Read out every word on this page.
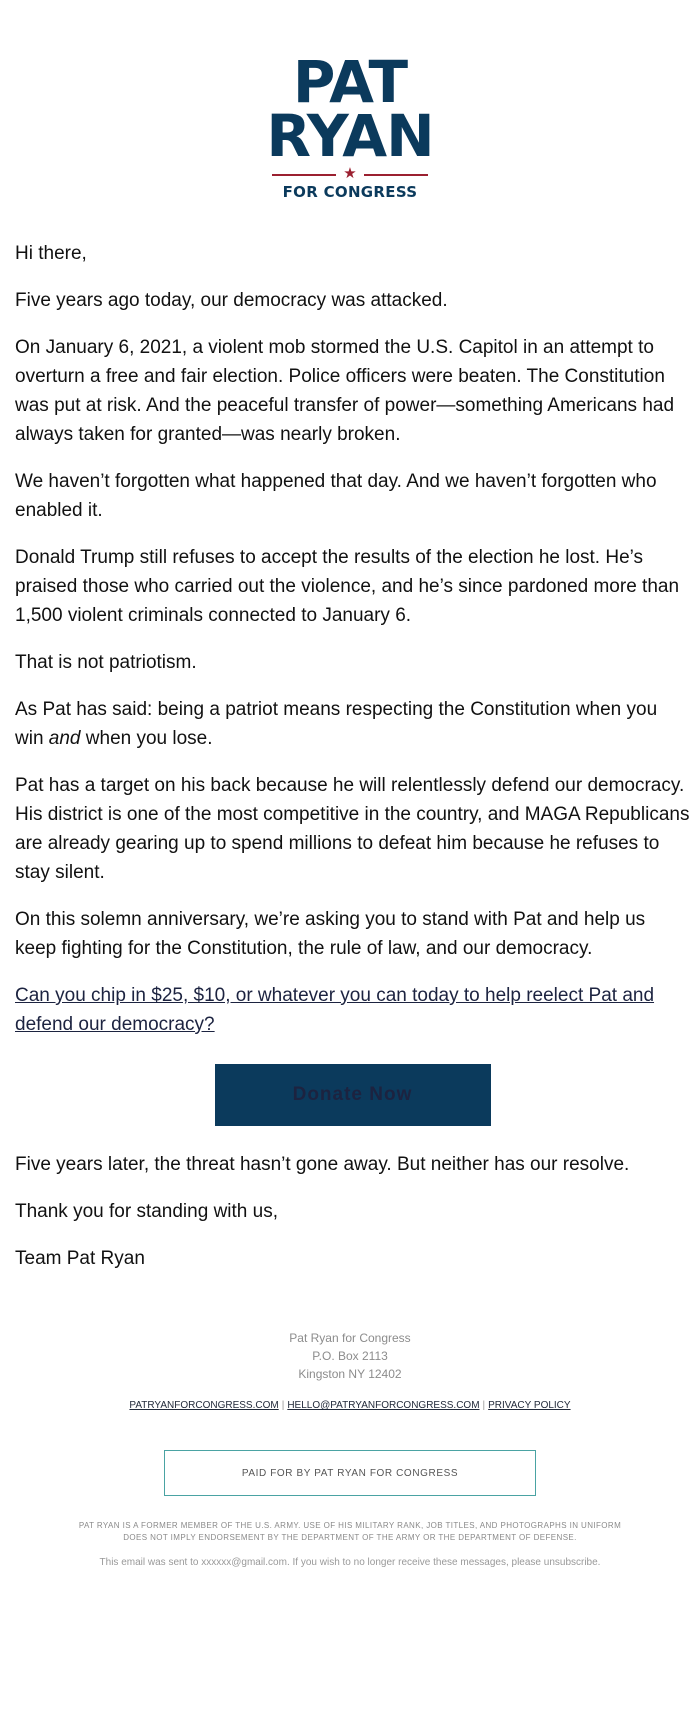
PAT
RYAN
★
FOR CONGRESS

Hi there,

Five years ago today, our democracy was attacked.

On January 6, 2021, a violent mob stormed the U.S. Capitol in an attempt to overturn a free and fair election. Police officers were beaten. The Constitution was put at risk. And the peaceful transfer of power—something Americans had always taken for granted—was nearly broken.

We haven’t forgotten what happened that day. And we haven’t forgotten who enabled it.

Donald Trump still refuses to accept the results of the election he lost. He’s praised those who carried out the violence, and he’s since pardoned more than 1,500 violent criminals connected to January 6.

That is not patriotism.

As Pat has said: being a patriot means respecting the Constitution when you win and when you lose.

Pat has a target on his back because he will relentlessly defend our democracy. His district is one of the most competitive in the country, and MAGA Republicans are already gearing up to spend millions to defeat him because he refuses to stay silent.

On this solemn anniversary, we’re asking you to stand with Pat and help us keep fighting for the Constitution, the rule of law, and our democracy.

Can you chip in $25, $10, or whatever you can today to help reelect Pat and defend our democracy?

Donate Now

Five years later, the threat hasn’t gone away. But neither has our resolve.

Thank you for standing with us,

Team Pat Ryan

Pat Ryan for Congress
P.O. Box 2113
Kingston NY 12402
PATRYANFORCONGRESS.COM | HELLO@PATRYANFORCONGRESS.COM | PRIVACY POLICY
PAID FOR BY PAT RYAN FOR CONGRESS
PAT RYAN IS A FORMER MEMBER OF THE U.S. ARMY. USE OF HIS MILITARY RANK, JOB TITLES, AND PHOTOGRAPHS IN UNIFORM DOES NOT IMPLY ENDORSEMENT BY THE DEPARTMENT OF THE ARMY OR THE DEPARTMENT OF DEFENSE.
This email was sent to xxxxxx@gmail.com. If you wish to no longer receive these messages, please unsubscribe.
